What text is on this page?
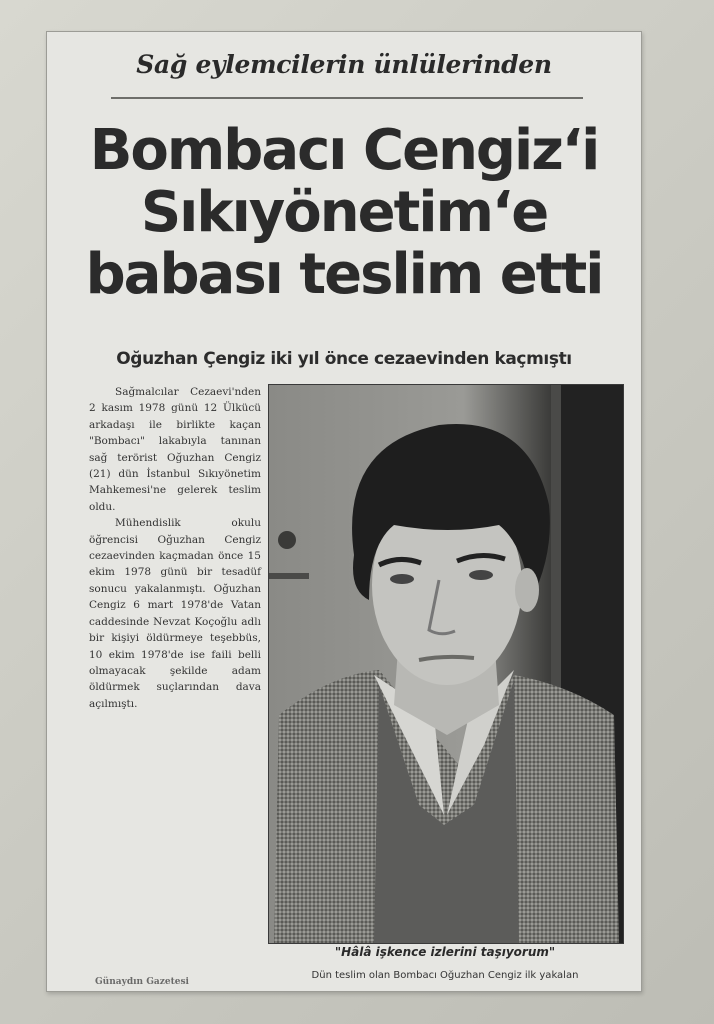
Sağ eylemcilerin ünlülerinden
Bombacı Cengiz‘i
Sıkıyönetim‘e
babası teslim etti
Oğuzhan Çengiz iki yıl önce cezaevinden kaçmıştı

Sağmalcılar Cezaevi'nden 2 kasım 1978 günü 12 Ülkücü arkadaşı ile birlikte kaçan "Bombacı" lakabıyla tanınan sağ terörist Oğuzhan Cengiz (21) dün İstanbul Sıkıyönetim Mahkemesi'ne gelerek teslim oldu.

Mühendislik okulu öğrencisi Oğuzhan Cengiz cezaevinden kaçmadan önce 15 ekim 1978 günü bir tesadüf sonucu yakalanmıştı. Oğuzhan Cengiz 6 mart 1978'de Vatan caddesinde Nevzat Koçoğlu adlı bir kişiyi öldürmeye teşebbüs, 10 ekim 1978'de ise faili belli olmayacak şekilde adam öldürmek suçlarından dava açılmıştı.

"Hâlâ işkence izlerini taşıyorum"
Dün teslim olan Bombacı Oğuzhan Cengiz ilk yakalan
Günaydın Gazetesi
